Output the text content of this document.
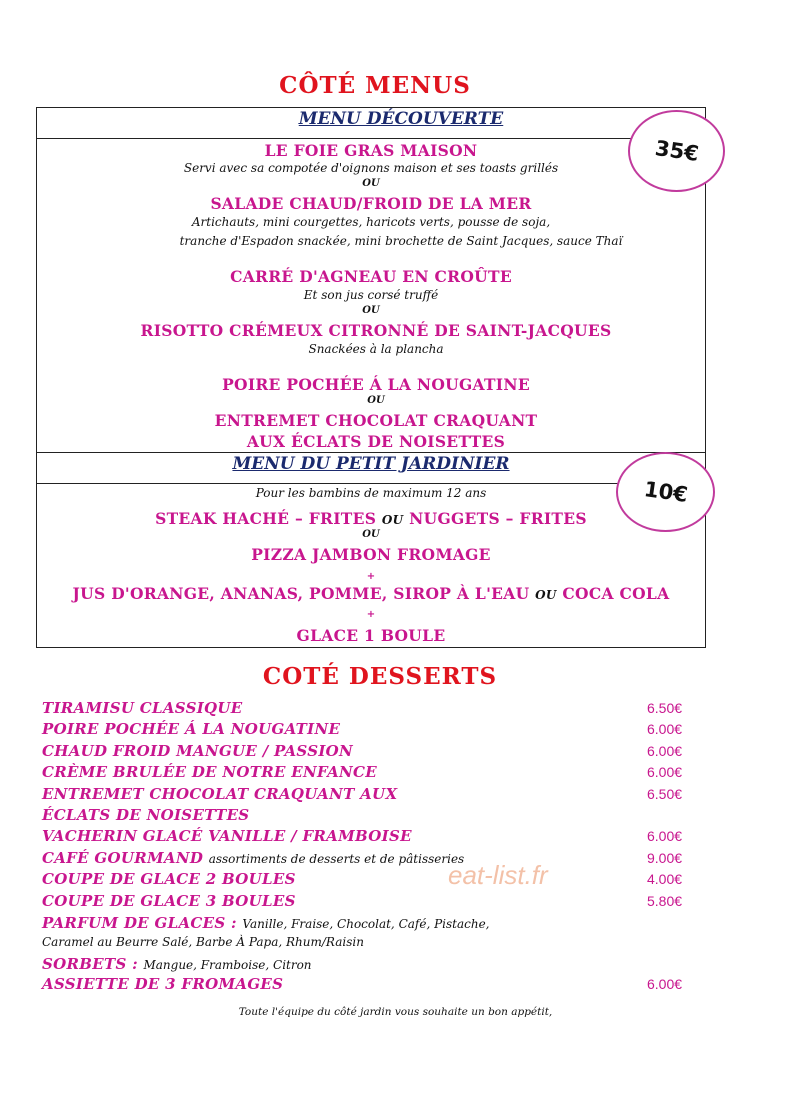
CÔTÉ MENUS
MENU DÉCOUVERTE
LE FOIE GRAS MAISON
Servi avec sa compotée d'oignons maison et ses toasts grillés
OU
SALADE CHAUD/FROID DE LA MER
Artichauts, mini courgettes, haricots verts, pousse de soja,
tranche d'Espadon snackée, mini brochette de Saint Jacques, sauce Thaï
CARRÉ D'AGNEAU EN CROÛTE
Et son jus corsé truffé
OU
RISOTTO CRÉMEUX CITRONNÉ DE SAINT-JACQUES
Snackées à la plancha
POIRE POCHÉE Á LA NOUGATINE
OU
ENTREMET CHOCOLAT CRAQUANT
AUX ÉCLATS DE NOISETTES
35€
MENU DU PETIT JARDINIER
Pour les bambins de maximum 12 ans
STEAK HACHÉ – FRITES OU NUGGETS – FRITES
OU
PIZZA JAMBON FROMAGE
+
JUS D'ORANGE, ANANAS, POMME, SIROP À L'EAU OU COCA COLA
+
GLACE 1 BOULE
10€
COTÉ DESSERTS
TIRAMISU CLASSIQUE	6.50€
POIRE POCHÉE Á LA NOUGATINE	6.00€
CHAUD FROID MANGUE / PASSION	6.00€
CRÈME BRULÉE DE NOTRE ENFANCE	6.00€
ENTREMET CHOCOLAT CRAQUANT AUX	6.50€
ÉCLATS DE NOISETTES
VACHERIN GLACÉ VANILLE / FRAMBOISE	6.00€
CAFÉ GOURMAND assortiments de desserts et de pâtisseries	9.00€
COUPE DE GLACE 2 BOULES	4.00€
COUPE DE GLACE 3 BOULES	5.80€
PARFUM DE GLACES : Vanille, Fraise, Chocolat, Café, Pistache,
Caramel au Beurre Salé, Barbe À Papa, Rhum/Raisin
SORBETS : Mangue, Framboise, Citron
ASSIETTE DE 3 FROMAGES	6.00€
eat-list.fr
Toute l'équipe du côté jardin vous souhaite un bon appétit,
